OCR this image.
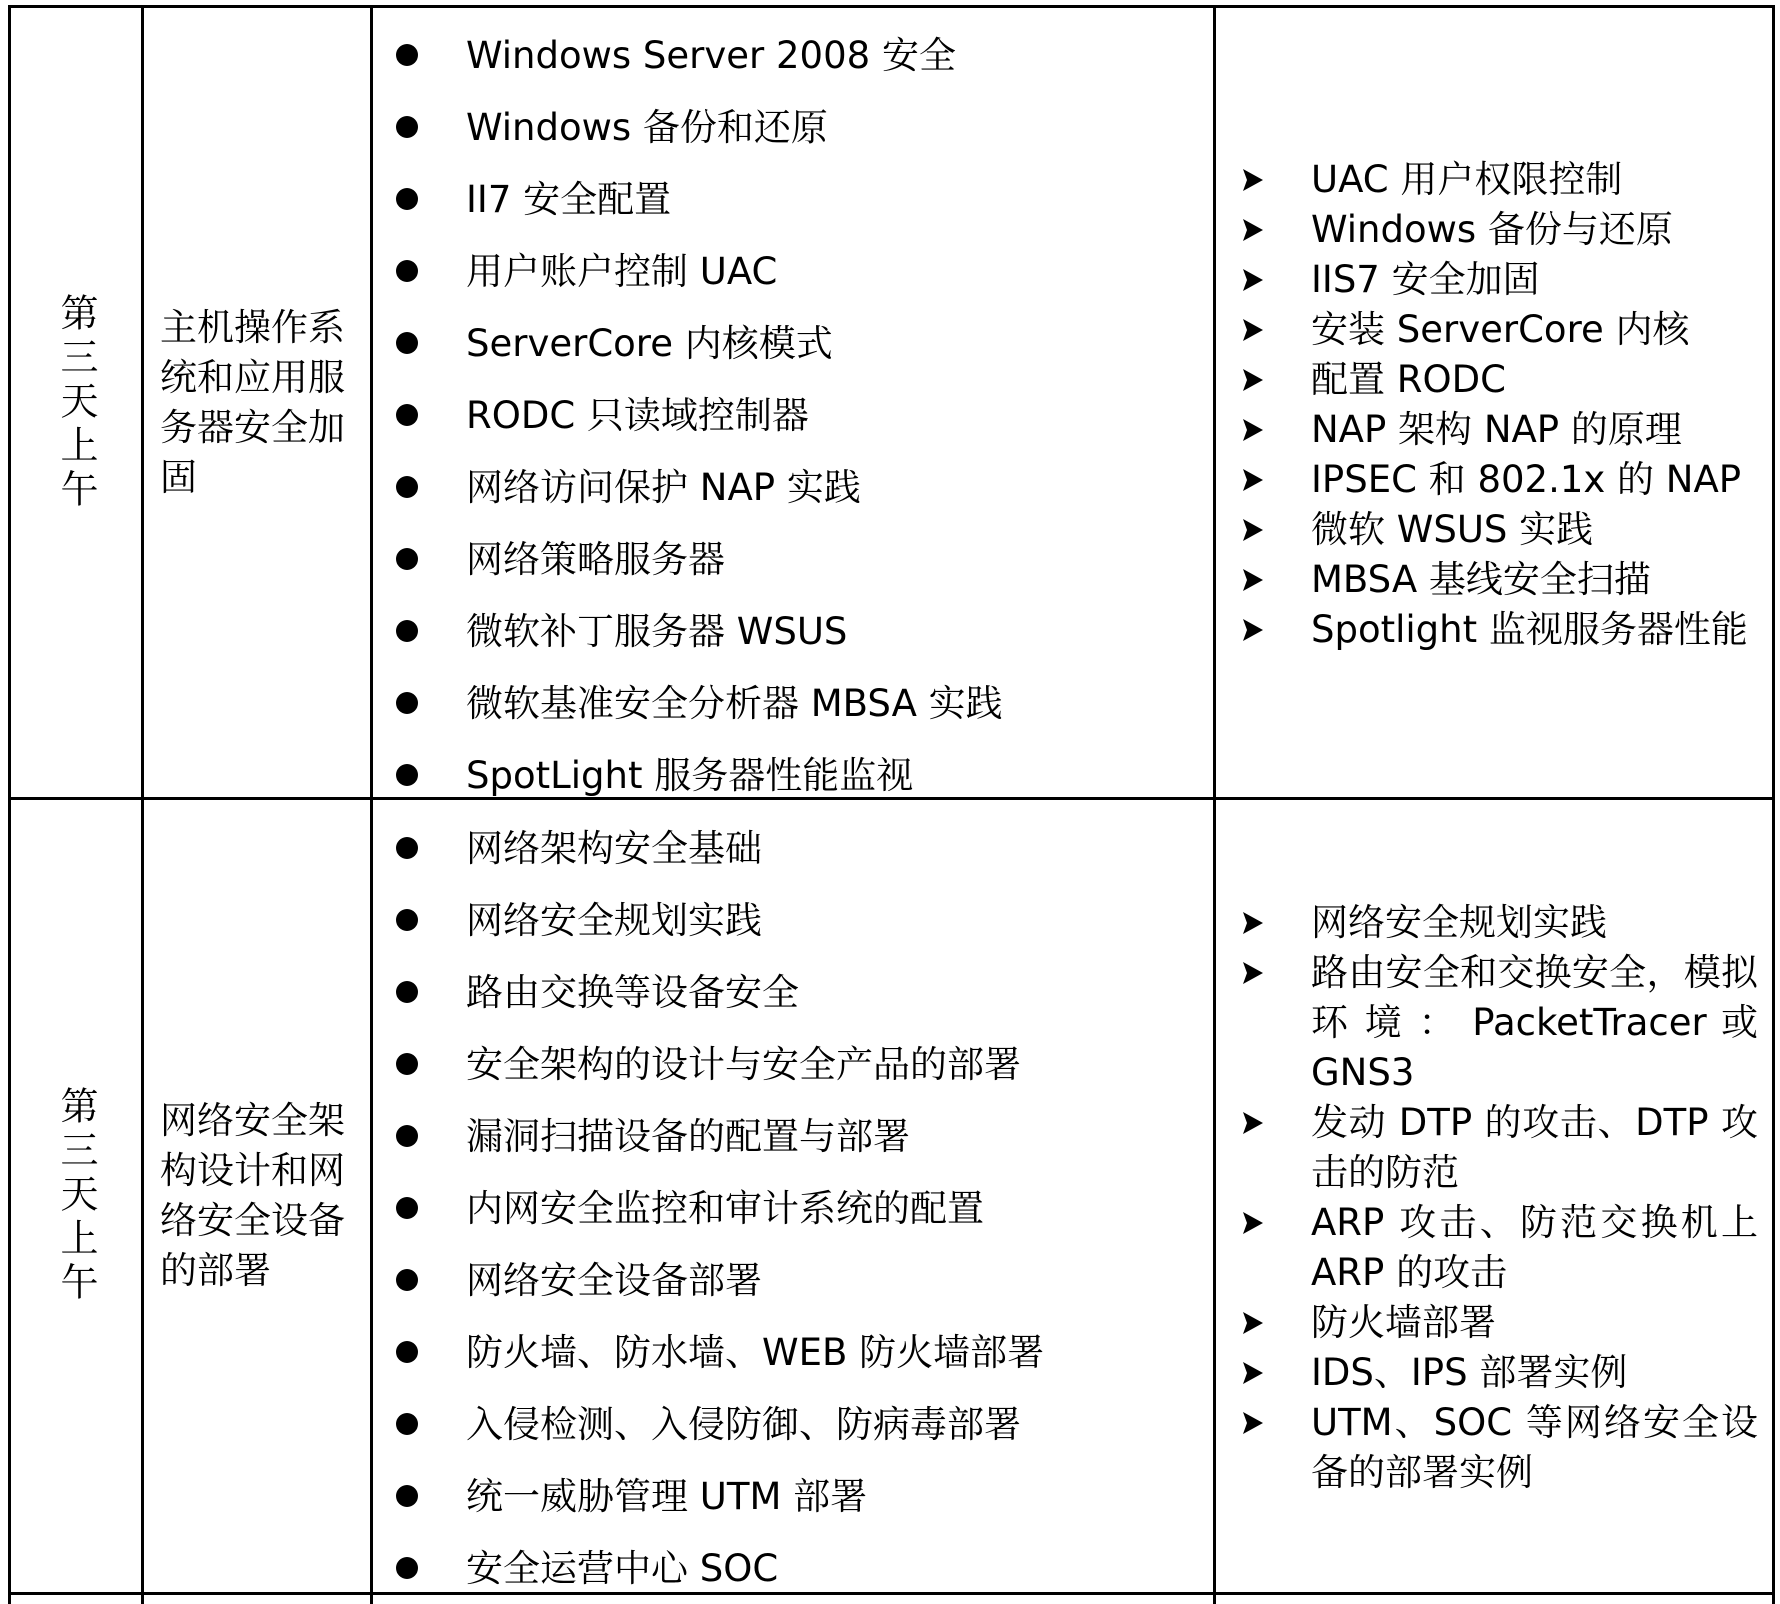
第三天上午 主机操作系统和应用服务器安全加固
Windows Server 2008 安全
Windows 备份和还原
II7 安全配置
用户账户控制 UAC
ServerCore 内核模式
RODC 只读域控制器
网络访问保护 NAP 实践
网络策略服务器
微软补丁服务器 WSUS
微软基准安全分析器 MBSA 实践
SpotLight 服务器性能监视
UAC 用户权限控制
Windows 备份与还原
IIS7 安全加固
安装 ServerCore 内核
配置 RODC
NAP 架构 NAP 的原理
IPSEC 和 802.1x 的 NAP
微软 WSUS 实践
MBSA 基线安全扫描
Spotlight 监视服务器性能
第三天上午 网络安全架构设计和网络安全设备的部署
网络架构安全基础
网络安全规划实践
路由交换等设备安全
安全架构的设计与安全产品的部署
漏洞扫描设备的配置与部署
内网安全监控和审计系统的配置
网络安全设备部署
防火墙、防水墙、WEB 防火墙部署
入侵检测、入侵防御、防病毒部署
统一威胁管理 UTM 部署
安全运营中心 SOC
网络安全规划实践
路由安全和交换安全，模拟环 境 ： PacketTracer 或 GNS3
发动 DTP 的攻击、DTP 攻击的防范
ARP 攻击、防范交换机上 ARP 的攻击
防火墙部署
IDS、IPS 部署实例
UTM、SOC 等网络安全设备的部署实例
